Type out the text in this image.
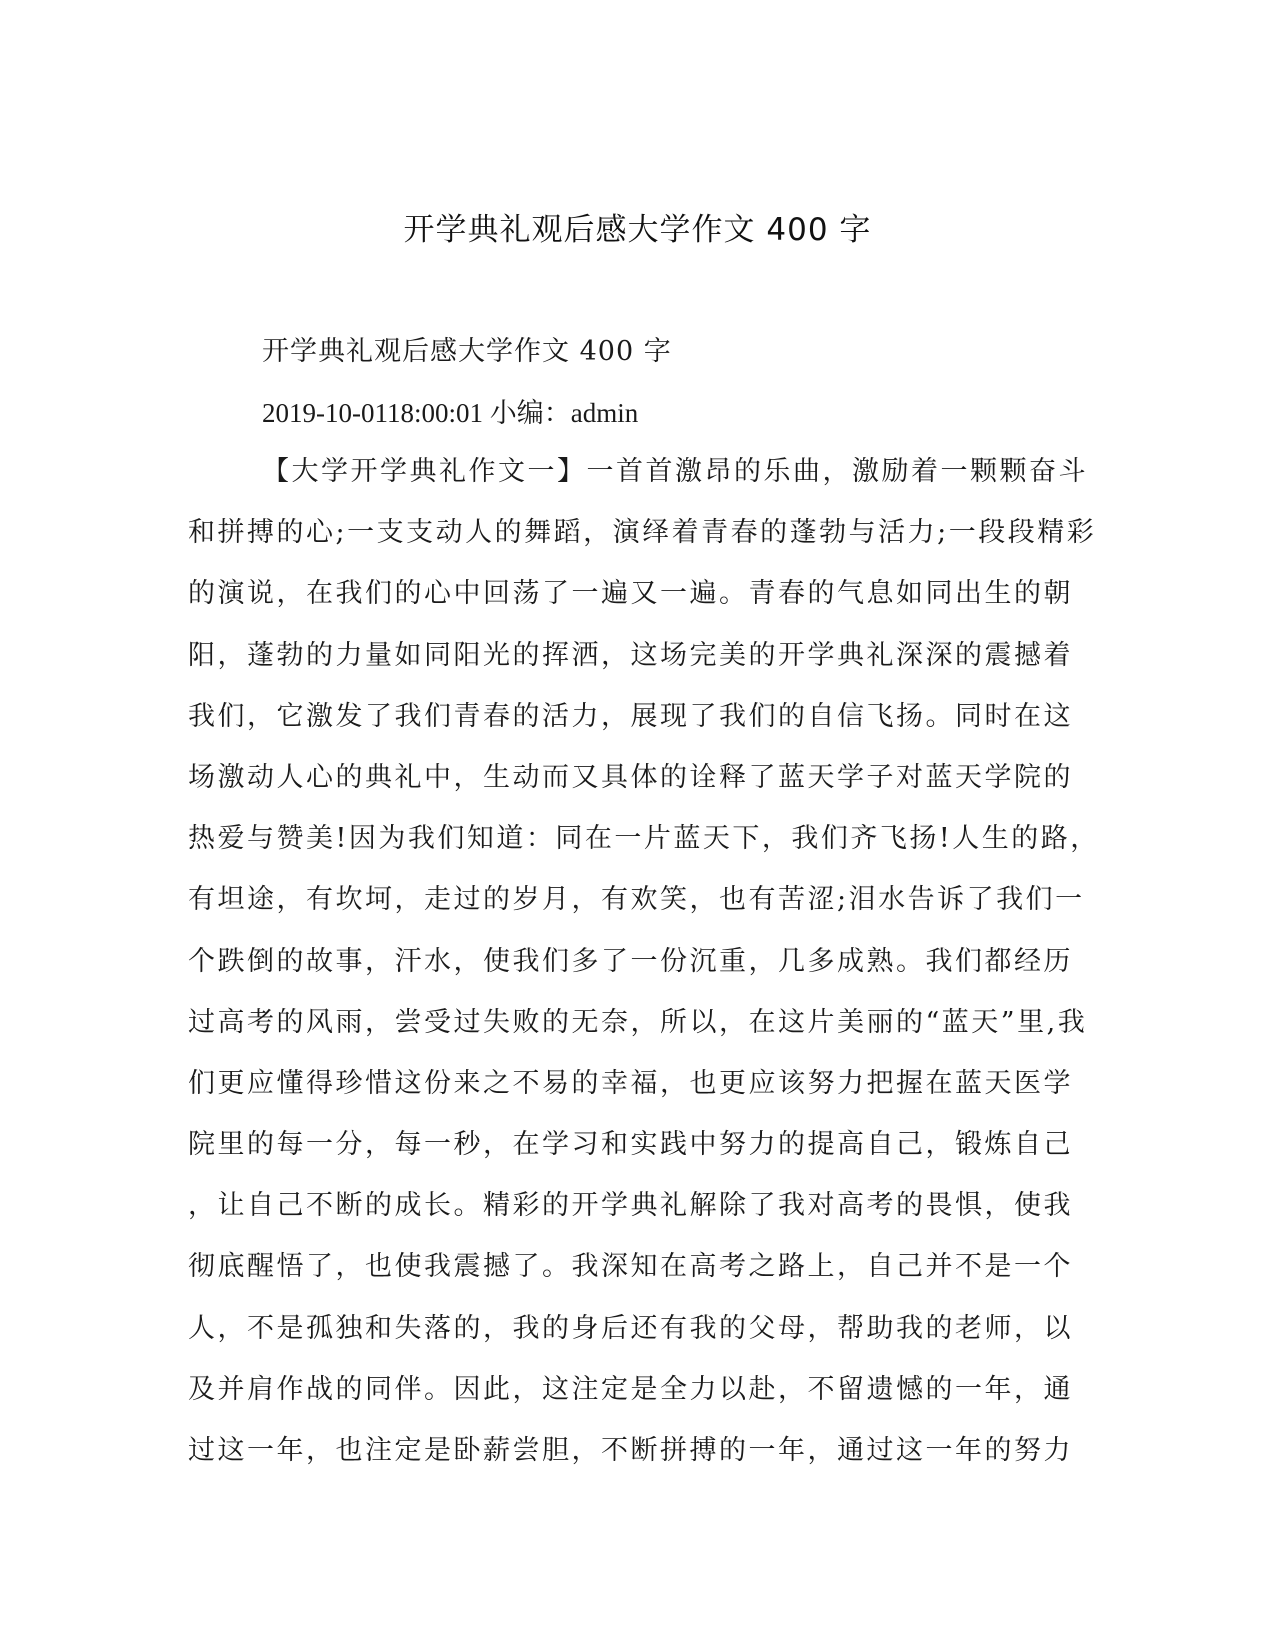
开学典礼观后感大学作文 400 字
开学典礼观后感大学作文 400 字
2019-10-0118:00:01 小编：admin
【大学开学典礼作文一】一首首激昂的乐曲，激励着一颗颗奋斗
和拼搏的心;一支支动人的舞蹈，演绎着青春的蓬勃与活力;一段段精彩
的演说，在我们的心中回荡了一遍又一遍。青春的气息如同出生的朝
阳，蓬勃的力量如同阳光的挥洒，这场完美的开学典礼深深的震撼着
我们，它激发了我们青春的活力，展现了我们的自信飞扬。同时在这
场激动人心的典礼中，生动而又具体的诠释了蓝天学子对蓝天学院的
热爱与赞美!因为我们知道：同在一片蓝天下，我们齐飞扬!人生的路，
有坦途，有坎坷，走过的岁月，有欢笑，也有苦涩;泪水告诉了我们一
个跌倒的故事，汗水，使我们多了一份沉重，几多成熟。我们都经历
过高考的风雨，尝受过失败的无奈，所以，在这片美丽的“蓝天”里,我
们更应懂得珍惜这份来之不易的幸福，也更应该努力把握在蓝天医学
院里的每一分，每一秒，在学习和实践中努力的提高自己，锻炼自己
，让自己不断的成长。精彩的开学典礼解除了我对高考的畏惧，使我
彻底醒悟了，也使我震撼了。我深知在高考之路上，自己并不是一个
人，不是孤独和失落的，我的身后还有我的父母，帮助我的老师，以
及并肩作战的同伴。因此，这注定是全力以赴，不留遗憾的一年，通
过这一年，也注定是卧薪尝胆，不断拼搏的一年，通过这一年的努力
